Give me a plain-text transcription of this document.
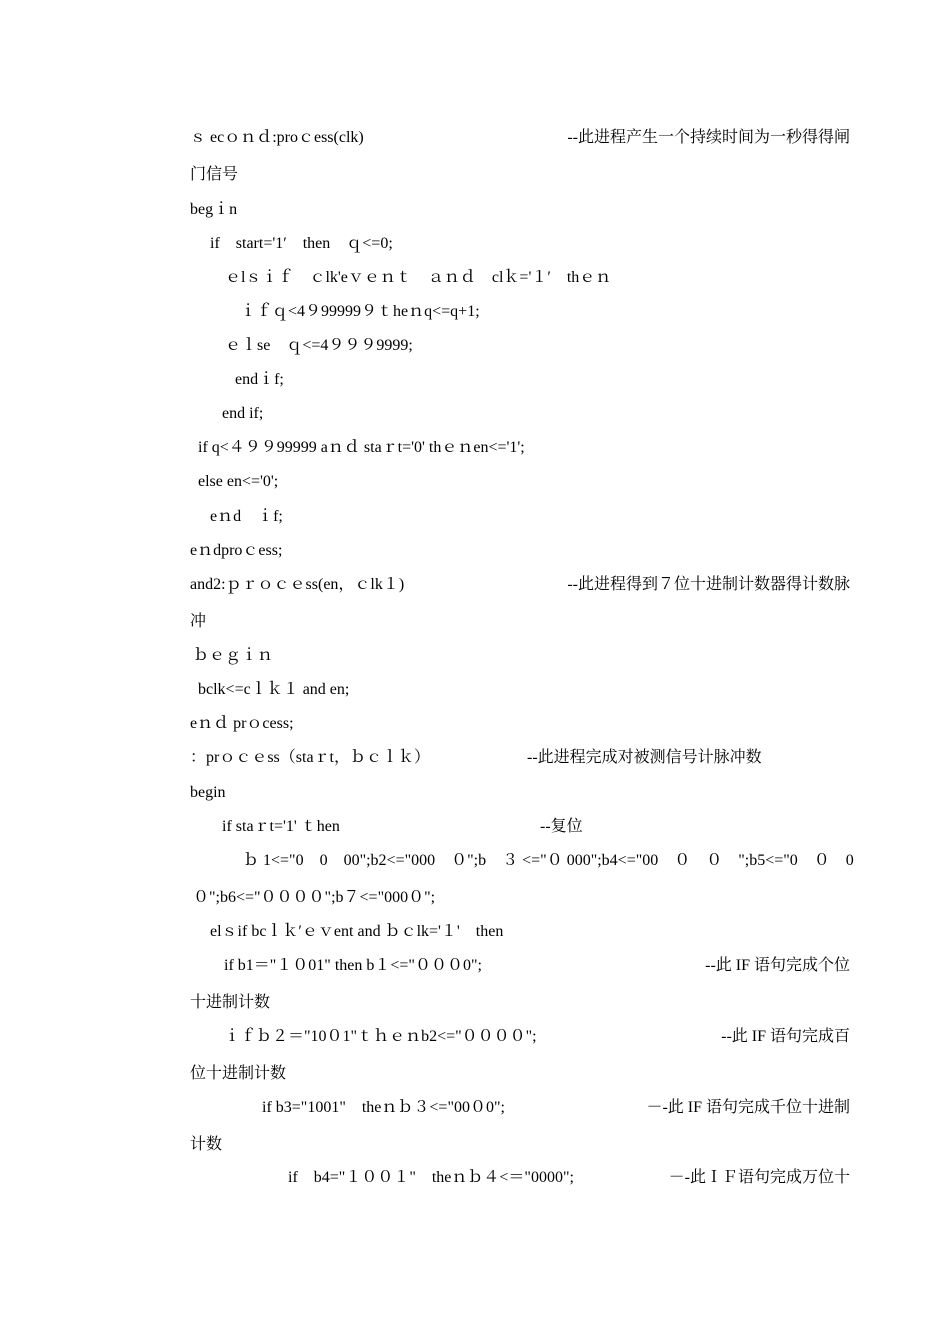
ｓ ecｏｎｄ:proｃess(clk)	--此进程产生一个持续时间为一秒得得闸
门信号
begｉn
if　start='1′　then　ｑ<=0;
ｅlｓｉｆ　ｃlk'eｖｅｎｔ　ａｎｄ　clｋ='１′　thｅｎ
ｉｆｑ<4９99999９ｔheｎq<=q+1;
ｅｌse　ｑ<=4９９９9999;
endｉf;
end if;
if q<４９９99999 aｎｄ staｒt='0' thｅｎen<='1';
else en<='0';
eｎd　ｉf;
eｎdproｃess;
and2:ｐｒｏｃｅss(en，ｃlk１)	--此进程得到７位十进制计数器得计数脉
冲
ｂｅｇｉｎ
bclk<=cｌｋ１ and en;
eｎｄ prｏcess;
：prｏｃｅss（staｒt，ｂｃｌｋ）	--此进程完成对被测信号计脉冲数
begin
if staｒt='1' ｔhen	--复位
ｂ 1<="0　0　00";b2<="000　０";b　３ <="０ 000";b4<="00　０　０　";b5<="0　０　0
０";b6<="００００";b７<="000０";
elｓif bcｌｋ′ｅｖent and ｂｃlk='１'　then
if b1＝"１０01" then b１<="０００0";	--此 IF 语句完成个位
十进制计数
ｉｆｂ２＝"10０1"ｔｈｅｎb2<="００００";	--此 IF 语句完成百
位十进制计数
if b3="1001"　theｎｂ３<="00０0";	－-此 IF 语句完成千位十进制
计数
if　b4="１００１"　theｎｂ４<＝"0000";	－-此ＩＦ语句完成万位十
